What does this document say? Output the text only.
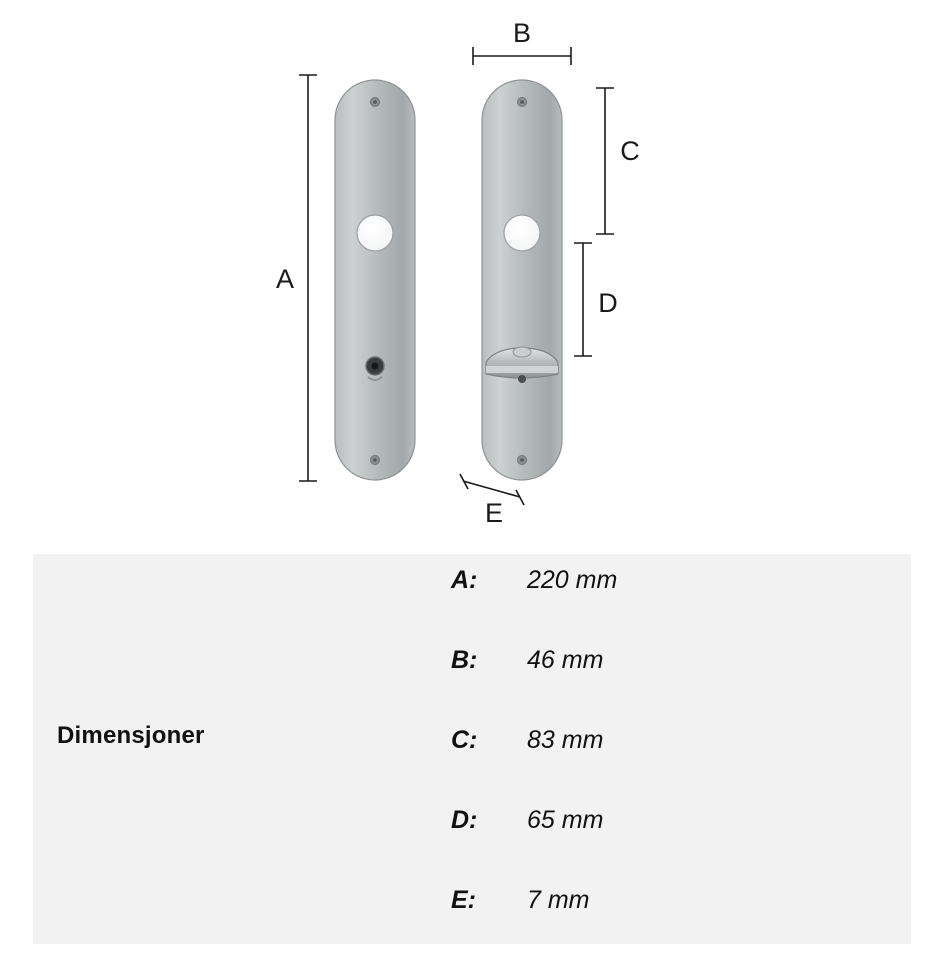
A
B
C
D
E
Dimensjoner
A:	220 mm
B:	46 mm
C:	83 mm
D:	65 mm
E:	7 mm
